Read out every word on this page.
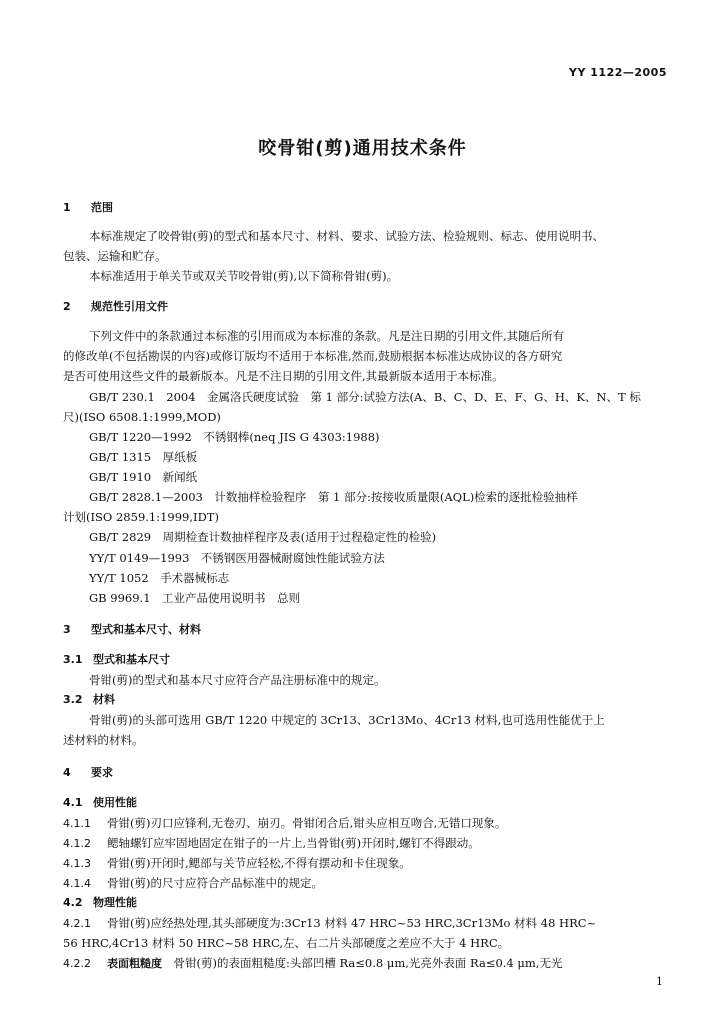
YY 1122—2005
咬骨钳(剪)通用技术条件
1 范围
本标准规定了咬骨钳(剪)的型式和基本尺寸、材料、要求、试验方法、检验规则、标志、使用说明书、
包装、运输和贮存。
本标准适用于单关节或双关节咬骨钳(剪),以下简称骨钳(剪)。
2 规范性引用文件
下列文件中的条款通过本标准的引用而成为本标准的条款。凡是注日期的引用文件,其随后所有
的修改单(不包括勘误的内容)或修订版均不适用于本标准,然而,鼓励根据本标准达成协议的各方研究
是否可使用这些文件的最新版本。凡是不注日期的引用文件,其最新版本适用于本标准。
GB/T 230.1　2004　金属洛氏硬度试验　第 1 部分:试验方法(A、B、C、D、E、F、G、H、K、N、T 标
尺)(ISO 6508.1:1999,MOD)
GB/T 1220—1992　不锈钢棒(neq JIS G 4303:1988)
GB/T 1315　厚纸板
GB/T 1910　新闻纸
GB/T 2828.1—2003　计数抽样检验程序　第 1 部分:按接收质量限(AQL)检索的逐批检验抽样
计划(ISO 2859.1:1999,IDT)
GB/T 2829　周期检查计数抽样程序及表(适用于过程稳定性的检验)
YY/T 0149—1993　不锈钢医用器械耐腐蚀性能试验方法
YY/T 1052　手术器械标志
GB 9969.1　工业产品使用说明书　总则
3 型式和基本尺寸、材料
3.1 型式和基本尺寸
骨钳(剪)的型式和基本尺寸应符合产品注册标准中的规定。
3.2 材料
骨钳(剪)的头部可选用 GB/T 1220 中规定的 3Cr13、3Cr13Mo、4Cr13 材料,也可选用性能优于上
述材料的材料。
4 要求
4.1 使用性能
4.1.1 骨钳(剪)刃口应锋利,无卷刃、崩刃。骨钳闭合后,钳头应相互吻合,无错口现象。
4.1.2 鳃轴螺钉应牢固地固定在钳子的一片上,当骨钳(剪)开闭时,螺钉不得跟动。
4.1.3 骨钳(剪)开闭时,鳃部与关节应轻松,不得有摆动和卡住现象。
4.1.4 骨钳(剪)的尺寸应符合产品标准中的规定。
4.2 物理性能
4.2.1 骨钳(剪)应经热处理,其头部硬度为:3Cr13 材料 47 HRC~53 HRC,3Cr13Mo 材料 48 HRC~
56 HRC,4Cr13 材料 50 HRC~58 HRC,左、右二片头部硬度之差应不大于 4 HRC。
4.2.2 表面粗糙度　 骨钳(剪)的表面粗糙度:头部凹槽 Ra≤0.8 μm,光亮外表面 Ra≤0.4 μm,无光
1
